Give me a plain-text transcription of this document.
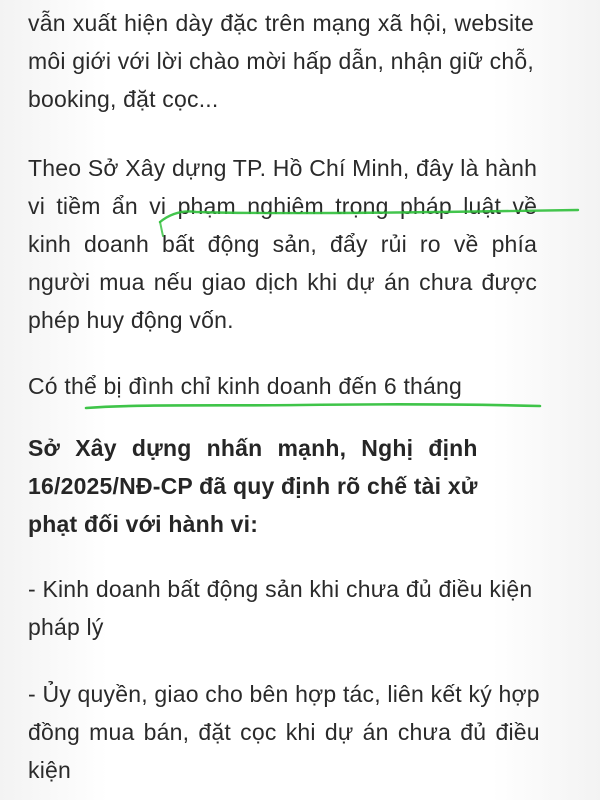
vẫn xuất hiện dày đặc trên mạng xã hội, website
môi giới với lời chào mời hấp dẫn, nhận giữ chỗ,
booking, đặt cọc...

Theo Sở Xây dựng TP. Hồ Chí Minh, đây là hành
vi tiềm ẩn vi phạm nghiêm trọng pháp luật về
kinh doanh bất động sản, đẩy rủi ro về phía
người mua nếu giao dịch khi dự án chưa được
phép huy động vốn.

Có thể bị đình chỉ kinh doanh đến 6 tháng

Sở Xây dựng nhấn mạnh, Nghị định
16/2025/NĐ-CP đã quy định rõ chế tài xử
phạt đối với hành vi:

- Kinh doanh bất động sản khi chưa đủ điều kiện
pháp lý

- Ủy quyền, giao cho bên hợp tác, liên kết ký hợp
đồng mua bán, đặt cọc khi dự án chưa đủ điều
kiện
